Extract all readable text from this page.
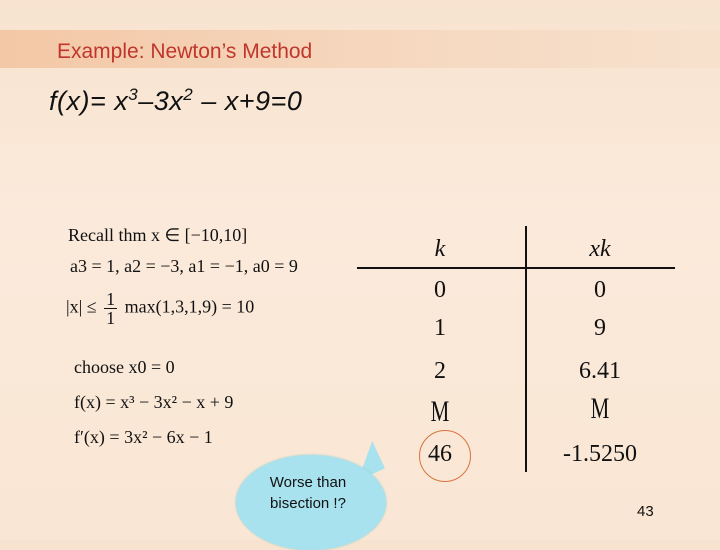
Example: Newton’s Method
$f(x)= x^3-3x^2 - x+9=0$
Recall thm x ∈ [−10,10]
a3 = 1, a2 = −3, a1 = −1, a0 = 9
$|x| \le \frac{1}{1} \max(1,3,1,9) = 10$
choose x0 = 0
f(x) = x³ − 3x² − x + 9
f′(x) = 3x² − 6x − 1
k	xk
0
1
2
M
46
0
9
6.41
M
-1.5250
Worse than bisection !?	43
